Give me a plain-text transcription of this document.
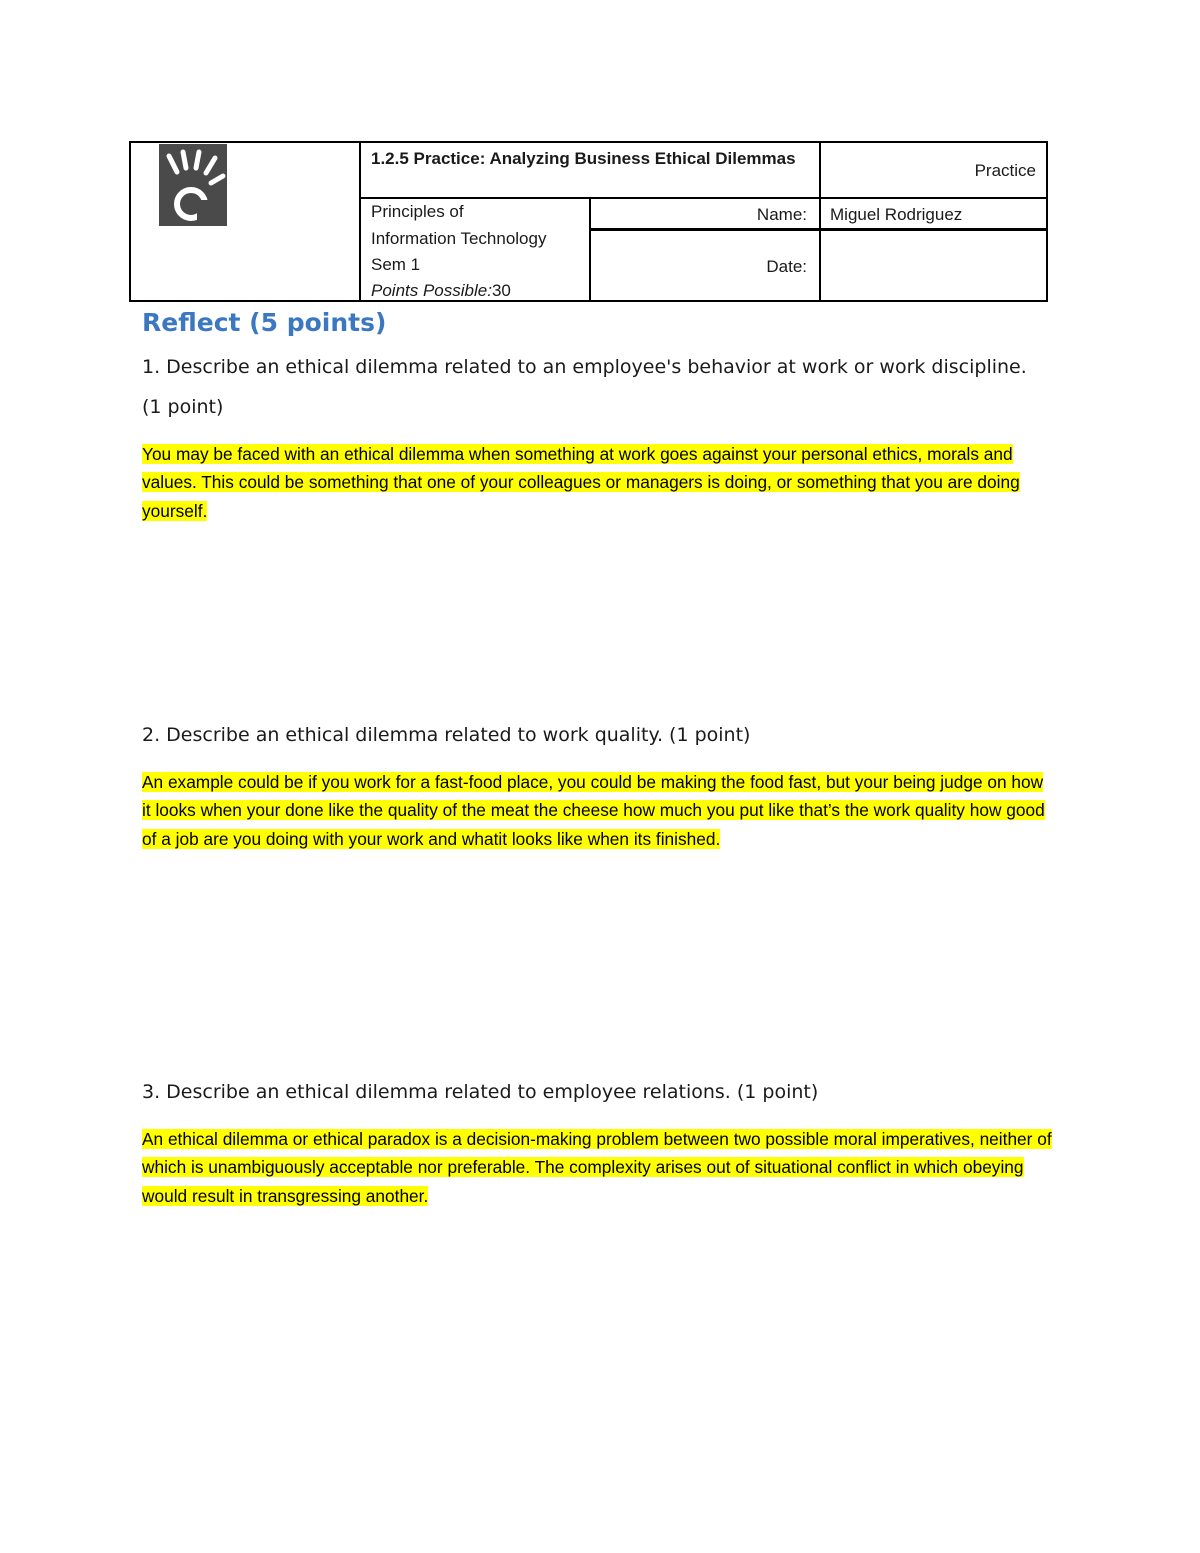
1.2.5 Practice: Analyzing Business Ethical Dilemmas
Practice
Principles of
Information Technology
Sem 1
Points Possible:30
Name: Miguel Rodriguez
Date:
Reflect (5 points)
1. Describe an ethical dilemma related to an employee's behavior at work or work discipline. (1 point)
You may be faced with an ethical dilemma when something at work goes against your personal ethics, morals and values. This could be something that one of your colleagues or managers is doing, or something that you are doing yourself.
2. Describe an ethical dilemma related to work quality. (1 point)
An example could be if you work for a fast-food place, you could be making the food fast, but your being judge on how it looks when your done like the quality of the meat the cheese how much you put like that’s the work quality how good of a job are you doing with your work and whatit looks like when its finished.
3. Describe an ethical dilemma related to employee relations. (1 point)
An ethical dilemma or ethical paradox is a decision-making problem between two possible moral imperatives, neither of which is unambiguously acceptable nor preferable. The complexity arises out of situational conflict in which obeying would result in transgressing another.
